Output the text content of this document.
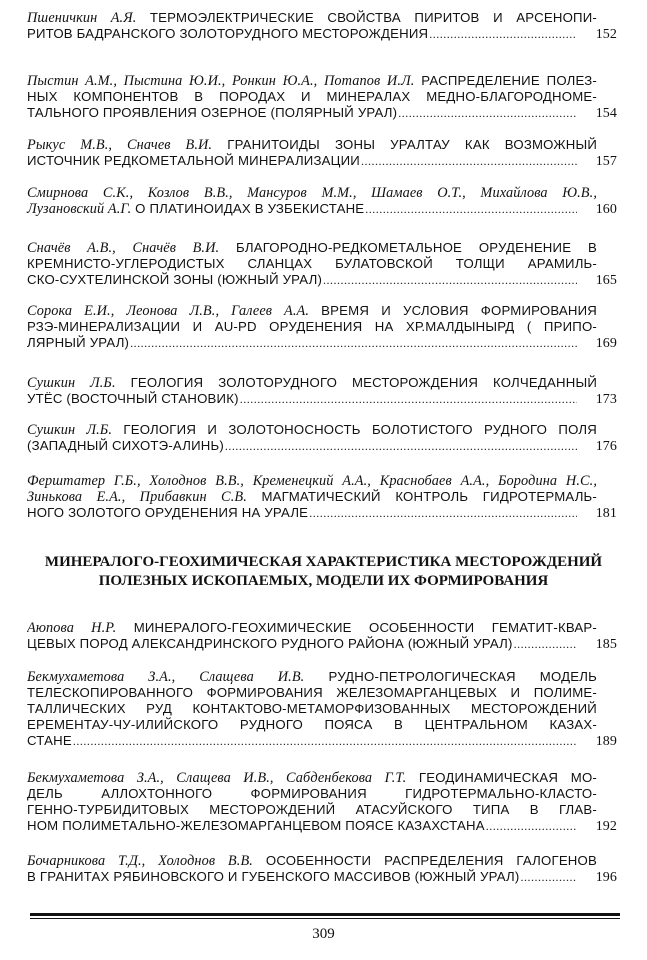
Пшеничкин А.Я. ТЕРМОЭЛЕКТРИЧЕСКИЕ СВОЙСТВА ПИРИТОВ И АРСЕНОПИ-
РИТОВ БАДРАНСКОГО ЗОЛОТОРУДНОГО МЕСТОРОЖДЕНИЯ .....	152
Пыстин А.М., Пыстина Ю.И., Ронкин Ю.А., Потапов И.Л. РАСПРЕДЕЛЕНИЕ ПОЛЕЗ-
НЫХ КОМПОНЕНТОВ В ПОРОДАХ И МИНЕРАЛАХ МЕДНО-БЛАГОРОДНОМЕ-
ТАЛЬНОГО ПРОЯВЛЕНИЯ ОЗЕРНОЕ (ПОЛЯРНЫЙ УРАЛ) .....	154
Рыкус М.В., Сначев В.И. ГРАНИТОИДЫ ЗОНЫ УРАЛТАУ КАК ВОЗМОЖНЫЙ
ИСТОЧНИК РЕДКОМЕТАЛЬНОЙ МИНЕРАЛИЗАЦИИ .....	157
Смирнова С.К., Козлов В.В., Мансуров М.М., Шамаев О.Т., Михайлова Ю.В.,
Лузановский А.Г. О ПЛАТИНОИДАХ В УЗБЕКИСТАНЕ .....	160
Сначёв А.В., Сначёв В.И. БЛАГОРОДНО-РЕДКОМЕТАЛЬНОЕ ОРУДЕНЕНИЕ В
КРЕМНИСТО-УГЛЕРОДИСТЫХ СЛАНЦАХ БУЛАТОВСКОЙ ТОЛЩИ АРАМИЛЬ-
СКО-СУХТЕЛИНСКОЙ ЗОНЫ (ЮЖНЫЙ УРАЛ) .....	165
Сорока Е.И., Леонова Л.В., Галеев А.А. ВРЕМЯ И УСЛОВИЯ ФОРМИРОВАНИЯ
РЗЭ-МИНЕРАЛИЗАЦИИ И AU-PD ОРУДЕНЕНИЯ НА ХР.МАЛДЫНЫРД ( ПРИПО-
ЛЯРНЫЙ УРАЛ) .....	169
Сушкин Л.Б. ГЕОЛОГИЯ ЗОЛОТОРУДНОГО МЕСТОРОЖДЕНИЯ КОЛЧЕДАННЫЙ
УТЁС (ВОСТОЧНЫЙ СТАНОВИК) .....	173
Сушкин Л.Б. ГЕОЛОГИЯ И ЗОЛОТОНОСНОСТЬ БОЛОТИСТОГО РУДНОГО ПОЛЯ
(ЗАПАДНЫЙ СИХОТЭ-АЛИНЬ) .....	176
Ферштатер Г.Б., Холоднов В.В., Кременецкий А.А., Краснобаев А.А., Бородина Н.С.,
Зинькова Е.А., Прибавкин С.В. МАГМАТИЧЕСКИЙ КОНТРОЛЬ ГИДРОТЕРМАЛЬ-
НОГО ЗОЛОТОГО ОРУДЕНЕНИЯ НА УРАЛЕ .....	181
Аюпова Н.Р. МИНЕРАЛОГО-ГЕОХИМИЧЕСКИЕ ОСОБЕННОСТИ ГЕМАТИТ-КВАР-
ЦЕВЫХ ПОРОД АЛЕКСАНДРИНСКОГО РУДНОГО РАЙОНА (ЮЖНЫЙ УРАЛ) .....	185
Бекмухаметова З.А., Слащева И.В. РУДНО-ПЕТРОЛОГИЧЕСКАЯ МОДЕЛЬ
ТЕЛЕСКОПИРОВАННОГО ФОРМИРОВАНИЯ ЖЕЛЕЗОМАРГАНЦЕВЫХ И ПОЛИМЕ-
ТАЛЛИЧЕСКИХ РУД КОНТАКТОВО-МЕТАМОРФИЗОВАННЫХ МЕСТОРОЖДЕНИЙ
ЕРЕМЕНТАУ-ЧУ-ИЛИЙСКОГО РУДНОГО ПОЯСА В ЦЕНТРАЛЬНОМ КАЗАХ-
СТАНЕ .....	189
Бекмухаметова З.А., Слащева И.В., Сабденбекова Г.Т. ГЕОДИНАМИЧЕСКАЯ МО-
ДЕЛЬ АЛЛОХТОННОГО ФОРМИРОВАНИЯ ГИДРОТЕРМАЛЬНО-КЛАСТО-
ГЕННО-ТУРБИДИТОВЫХ МЕСТОРОЖДЕНИЙ АТАСУЙСКОГО ТИПА В ГЛАВ-
НОМ ПОЛИМЕТАЛЬНО-ЖЕЛЕЗОМАРГАНЦЕВОМ ПОЯСЕ КАЗАХСТАНА .....	192
Бочарникова Т.Д., Холоднов В.В. ОСОБЕННОСТИ РАСПРЕДЕЛЕНИЯ ГАЛОГЕНОВ
В ГРАНИТАХ РЯБИНОВСКОГО И ГУБЕНСКОГО МАССИВОВ (ЮЖНЫЙ УРАЛ) .....	196
МИНЕРАЛОГО-ГЕОХИМИЧЕСКАЯ ХАРАКТЕРИСТИКА МЕСТОРОЖДЕНИЙ
ПОЛЕЗНЫХ ИСКОПАЕМЫХ, МОДЕЛИ ИХ ФОРМИРОВАНИЯ
309
